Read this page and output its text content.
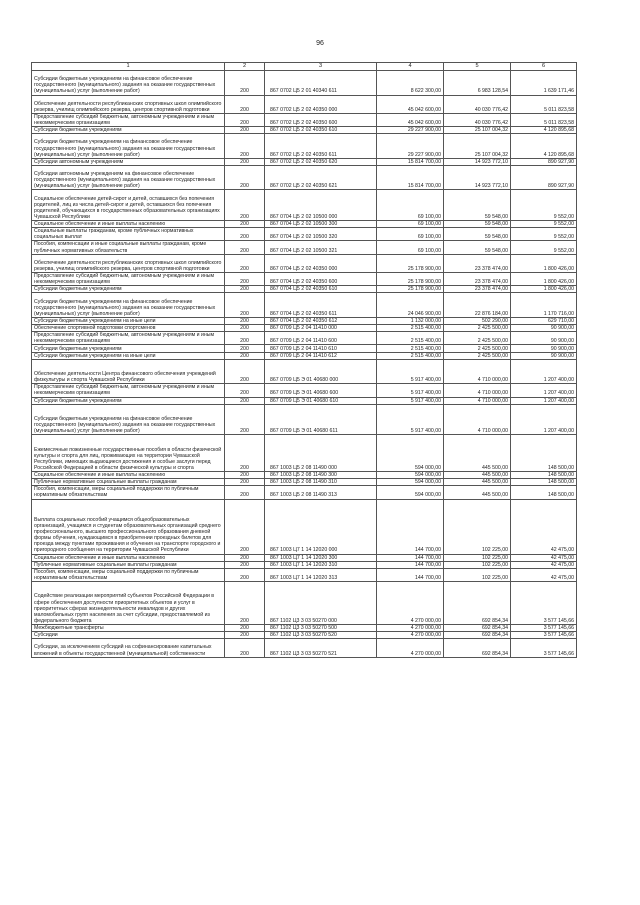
96
1	2	3	4	5	6
Субсидии бюджетным учреждениям на финансовое обеспечение государственного (муниципального) задания на оказание государственных (муниципальных) услуг (выполнение работ)	200	867 0702 Ц5 2 01 40340 611	8 622 300,00	6 983 128,54	1 639 171,46
Обеспечение деятельности республиканских спортивных школ олимпийского резерва, училищ олимпийского резерва, центров спортивной подготовки	200	867 0702 Ц5 2 02 40350 000	45 042 600,00	40 030 776,42	5 011 823,58
Предоставление субсидий бюджетным, автономным учреждениям и иным некоммерческим организациям	200	867 0702 Ц5 2 02 40350 600	45 042 600,00	40 030 776,42	5 011 823,58
Субсидии бюджетным учреждениям	200	867 0702 Ц5 2 02 40350 610	29 227 900,00	25 107 004,32	4 120 895,68
Субсидии бюджетным учреждениям на финансовое обеспечение государственного (муниципального) задания на оказание государственных (муниципальных) услуг (выполнение работ)	200	867 0702 Ц5 2 02 40350 611	29 227 900,00	25 107 004,32	4 120 895,68
Субсидии автономным учреждениям	200	867 0702 Ц5 2 02 40350 620	15 814 700,00	14 923 772,10	890 927,90
Субсидии автономным учреждениям на финансовое обеспечение государственного (муниципального) задания на оказание государственных (муниципальных) услуг (выполнение работ)	200	867 0702 Ц5 2 02 40350 621	15 814 700,00	14 923 772,10	890 927,90
Социальное обеспечение детей-сирот и детей, оставшихся без попечения родителей, лиц из числа детей-сирот и детей, оставшихся без попечения родителей, обучающихся в государственных образовательных организациях Чувашской Республики	200	867 0704 Ц5 2 02 10500 000	69 100,00	59 548,00	9 552,00
Социальное обеспечение и иные выплаты населению	200	867 0704 Ц5 2 02 10500 300	69 100,00	59 548,00	9 552,00
Социальные выплаты гражданам, кроме публичных нормативных социальных выплат	200	867 0704 Ц5 2 02 10500 320	69 100,00	59 548,00	9 552,00
Пособия, компенсации и иные социальные выплаты гражданам, кроме публичных нормативных обязательств	200	867 0704 Ц5 2 02 10500 321	69 100,00	59 548,00	9 552,00
Обеспечение деятельности республиканских спортивных школ олимпийского резерва, училищ олимпийского резерва, центров спортивной подготовки	200	867 0704 Ц5 2 02 40350 000	25 178 900,00	23 378 474,00	1 800 426,00
Предоставление субсидий бюджетным, автономным учреждениям и иным некоммерческим организациям	200	867 0704 Ц5 2 02 40350 600	25 178 900,00	23 378 474,00	1 800 426,00
Субсидии бюджетным учреждениям	200	867 0704 Ц5 2 02 40350 610	25 178 900,00	23 378 474,00	1 800 426,00
Субсидии бюджетным учреждениям на финансовое обеспечение государственного (муниципального) задания на оказание государственных (муниципальных) услуг (выполнение работ)	200	867 0704 Ц5 2 02 40350 611	24 046 900,00	22 876 184,00	1 170 716,00
Субсидии бюджетным учреждениям на иные цели	200	867 0704 Ц5 2 02 40350 612	1 132 000,00	502 290,00	629 710,00
Обеспечение спортивной подготовки спортсменов	200	867 0709 Ц5 2 04 11410 000	2 515 400,00	2 425 500,00	90 900,00
Предоставление субсидий бюджетным, автономным учреждениям и иным некоммерческим организациям	200	867 0709 Ц5 2 04 11410 600	2 515 400,00	2 425 500,00	90 900,00
Субсидии бюджетным учреждениям	200	867 0709 Ц5 2 04 11410 610	2 515 400,00	2 425 500,00	90 900,00
Субсидии бюджетным учреждениям на иные цели	200	867 0709 Ц5 2 04 11410 612	2 515 400,00	2 425 500,00	90 900,00
Обеспечение деятельности Центра финансового обеспечения учреждений физкультуры и спорта Чувашской Республики	200	867 0709 Ц5 Э 01 40680 000	5 917 400,00	4 710 000,00	1 207 400,00
Предоставление субсидий бюджетным, автономным учреждениям и иным некоммерческим организациям	200	867 0709 Ц5 Э 01 40680 600	5 917 400,00	4 710 000,00	1 207 400,00
Субсидии бюджетным учреждениям	200	867 0709 Ц5 Э 01 40680 610	5 917 400,00	4 710 000,00	1 207 400,00
Субсидии бюджетным учреждениям на финансовое обеспечение государственного (муниципального) задания на оказание государственных (муниципальных) услуг (выполнение работ)	200	867 0709 Ц5 Э 01 40680 611	5 917 400,00	4 710 000,00	1 207 400,00
Ежемесячные пожизненные государственные пособия в области физической культуры и спорта для лиц, проживающих на территории Чувашской Республики, имеющих выдающиеся достижения и особые заслуги перед Российской Федерацией в области физической культуры и спорта	200	867 1003 Ц5 2 08 11490 000	594 000,00	445 500,00	148 500,00
Социальное обеспечение и иные выплаты населению	200	867 1003 Ц5 2 08 11490 300	594 000,00	445 500,00	148 500,00
Публичные нормативные социальные выплаты гражданам	200	867 1003 Ц5 2 08 11490 310	594 000,00	445 500,00	148 500,00
Пособия, компенсации, меры социальной поддержки по публичным нормативным обязательствам	200	867 1003 Ц5 2 08 11490 313	594 000,00	445 500,00	148 500,00
Выплата социальных пособий учащимся общеобразовательных организаций, учащимся и студентам образовательных организаций среднего профессионального, высшего профессионального образования дневной формы обучения, нуждающимся в приобретении проездных билетов для проезда между пунктами проживания и обучения на транспорте городского и пригородного сообщения на территории Чувашской Республики	200	867 1003 Ц7 1 14 12020 000	144 700,00	102 225,00	42 475,00
Социальное обеспечение и иные выплаты населению	200	867 1003 Ц7 1 14 12020 300	144 700,00	102 225,00	42 475,00
Публичные нормативные социальные выплаты гражданам	200	867 1003 Ц7 1 14 12020 310	144 700,00	102 225,00	42 475,00
Пособия, компенсации, меры социальной поддержки по публичным нормативным обязательствам	200	867 1003 Ц7 1 14 12020 313	144 700,00	102 225,00	42 475,00
Содействие реализации мероприятий субъектов Российской Федерации в сфере обеспечения доступности приоритетных объектов и услуг в приоритетных сферах жизнедеятельности инвалидов и других маломобильных групп населения за счет субсидии, предоставляемой из федерального бюджета	200	867 1102 Ц3 3 03 50270 000	4 270 000,00	692 854,34	3 577 145,66
Межбюджетные трансферты	200	867 1102 Ц3 3 03 50270 500	4 270 000,00	692 854,34	3 577 145,66
Субсидии	200	867 1102 Ц3 3 03 50270 520	4 270 000,00	692 854,34	3 577 145,66
Субсидии, за исключением субсидий на софинансирование капитальных вложений в объекты государственной (муниципальной) собственности	200	867 1102 Ц3 3 03 50270 521	4 270 000,00	692 854,34	3 577 145,66
